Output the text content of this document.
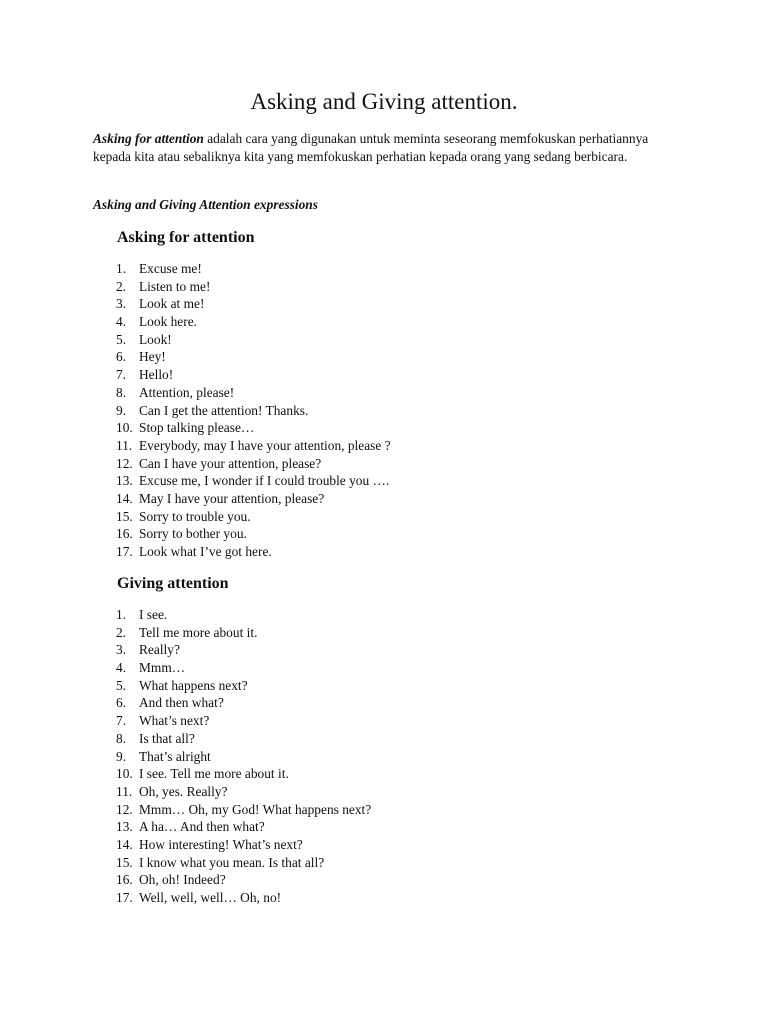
Asking and Giving attention.

Asking for attention adalah cara yang digunakan untuk meminta seseorang memfokuskan perhatiannya kepada kita atau sebaliknya kita yang memfokuskan perhatian kepada orang yang sedang berbicara.

Asking and Giving Attention expressions

Asking for attention
1. Excuse me!
2. Listen to me!
3. Look at me!
4. Look here.
5. Look!
6. Hey!
7. Hello!
8. Attention, please!
9. Can I get the attention! Thanks.
10. Stop talking please…
11. Everybody, may I have your attention, please ?
12. Can I have your attention, please?
13. Excuse me, I wonder if I could trouble you ….
14. May I have your attention, please?
15. Sorry to trouble you.
16. Sorry to bother you.
17. Look what I’ve got here.
Giving attention
1. I see.
2. Tell me more about it.
3. Really?
4. Mmm…
5. What happens next?
6. And then what?
7. What’s next?
8. Is that all?
9. That’s alright
10. I see. Tell me more about it.
11. Oh, yes. Really?
12. Mmm… Oh, my God! What happens next?
13. A ha… And then what?
14. How interesting! What’s next?
15. I know what you mean. Is that all?
16. Oh, oh! Indeed?
17. Well, well, well… Oh, no!
